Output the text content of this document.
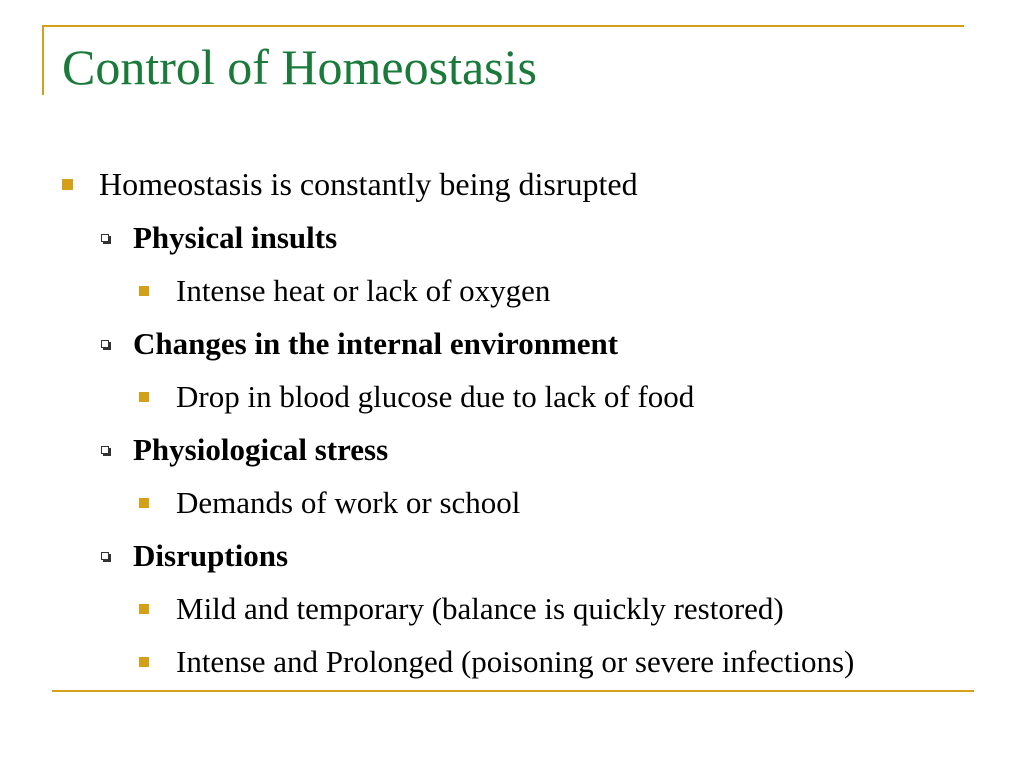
Control of Homeostasis
Homeostasis is constantly being disrupted
Physical insults
Intense heat or lack of oxygen
Changes in the internal environment
Drop in blood glucose due to lack of food
Physiological stress
Demands of work or school
Disruptions
Mild and temporary (balance is quickly restored)
Intense and Prolonged (poisoning or severe infections)
